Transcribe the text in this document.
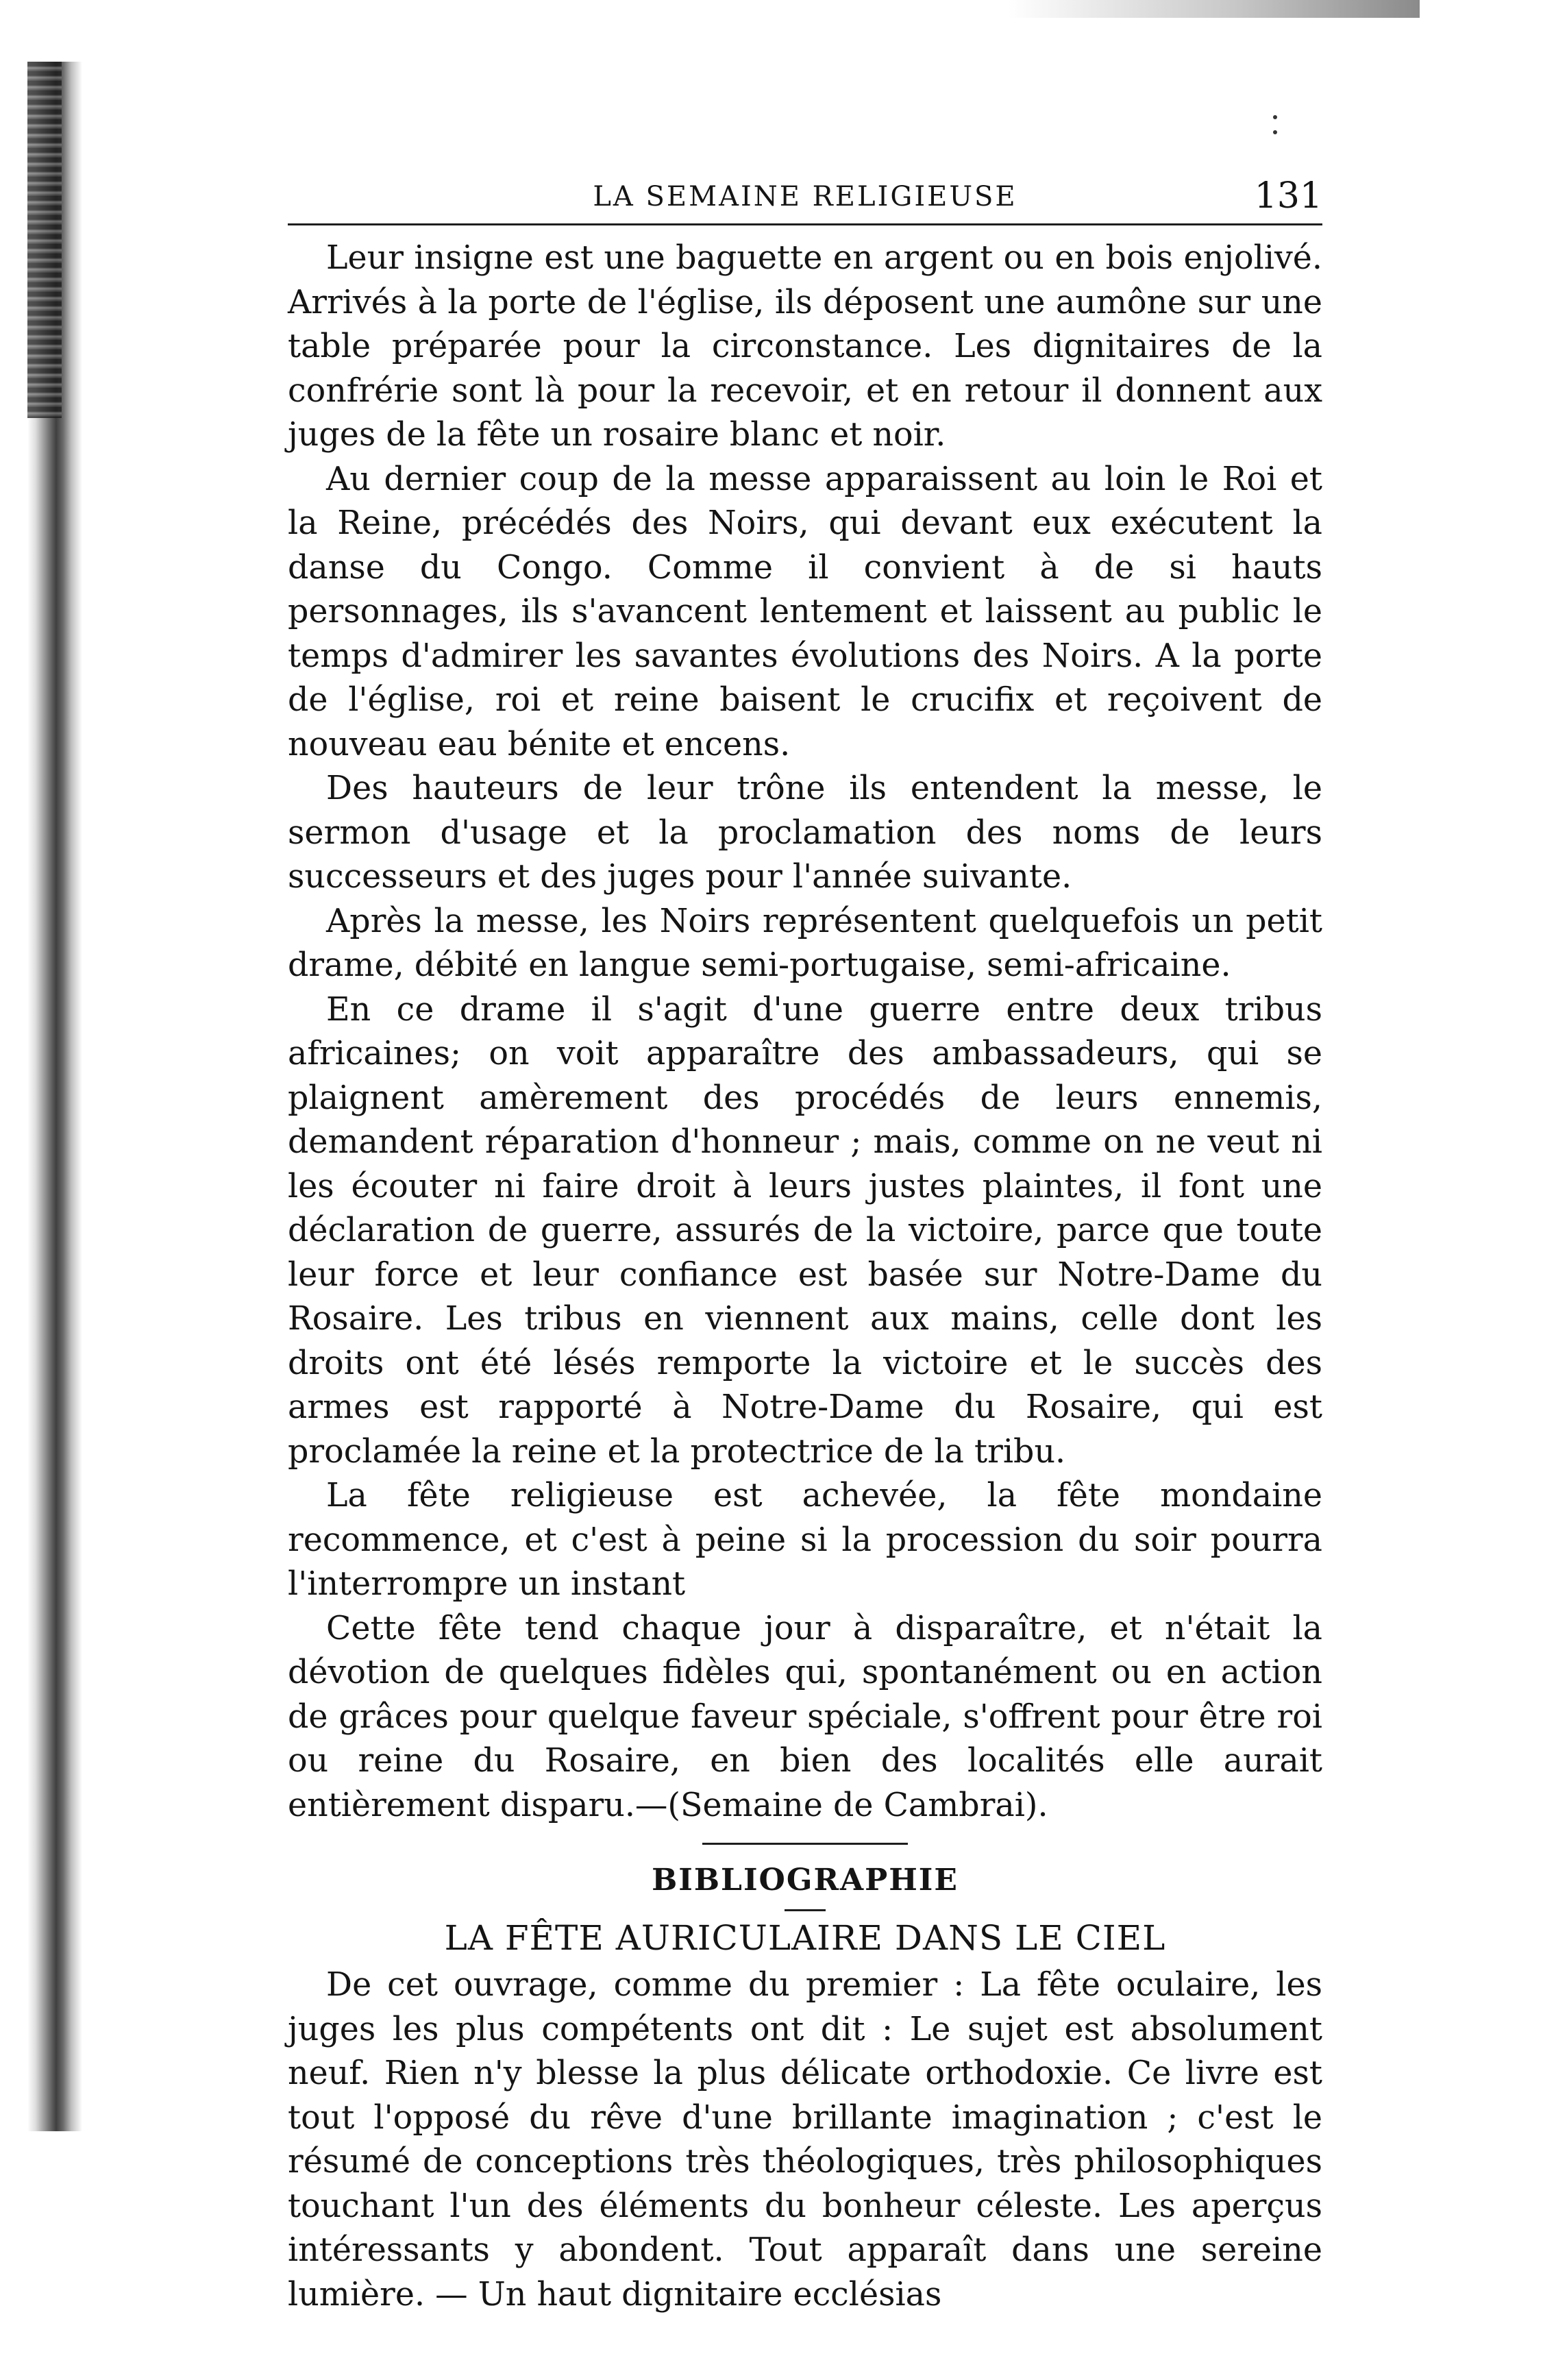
LA SEMAINE RELIGIEUSE	131

Leur insigne est une baguette en argent ou en bois enjolivé. Arrivés à la porte de l'église, ils déposent une aumône sur une table préparée pour la circonstance. Les dignitaires de la confrérie sont là pour la recevoir, et en retour il donnent aux juges de la fête un rosaire blanc et noir.

Au dernier coup de la messe apparaissent au loin le Roi et la Reine, précédés des Noirs, qui devant eux exécutent la danse du Congo. Comme il convient à de si hauts personnages, ils s'avancent lentement et laissent au public le temps d'admirer les savantes évolutions des Noirs. A la porte de l'église, roi et reine baisent le crucifix et reçoivent de nouveau eau bénite et encens.

Des hauteurs de leur trône ils entendent la messe, le sermon d'usage et la proclamation des noms de leurs successeurs et des juges pour l'année suivante.

Après la messe, les Noirs représentent quelquefois un petit drame, débité en langue semi-portugaise, semi-africaine.

En ce drame il s'agit d'une guerre entre deux tribus africaines; on voit apparaître des ambassadeurs, qui se plaignent amèrement des procédés de leurs ennemis, demandent réparation d'honneur ; mais, comme on ne veut ni les écouter ni faire droit à leurs justes plaintes, il font une déclaration de guerre, assurés de la victoire, parce que toute leur force et leur confiance est basée sur Notre-Dame du Rosaire. Les tribus en viennent aux mains, celle dont les droits ont été lésés remporte la victoire et le succès des armes est rapporté à Notre-Dame du Rosaire, qui est proclamée la reine et la protectrice de la tribu.

La fête religieuse est achevée, la fête mondaine recommence, et c'est à peine si la procession du soir pourra l'interrompre un instant

Cette fête tend chaque jour à disparaître, et n'était la dévotion de quelques fidèles qui, spontanément ou en action de grâces pour quelque faveur spéciale, s'offrent pour être roi ou reine du Rosaire, en bien des localités elle aurait entièrement disparu.—(Semaine de Cambrai).

BIBLIOGRAPHIE
LA FÊTE AURICULAIRE DANS LE CIEL

De cet ouvrage, comme du premier : La fête oculaire, les juges les plus compétents ont dit : Le sujet est absolument neuf. Rien n'y blesse la plus délicate orthodoxie. Ce livre est tout l'opposé du rêve d'une brillante imagination ; c'est le résumé de conceptions très théologiques, très philosophiques touchant l'un des éléments du bonheur céleste. Les aperçus intéressants y abondent. Tout apparaît dans une sereine lumière. — Un haut dignitaire ecclésias
